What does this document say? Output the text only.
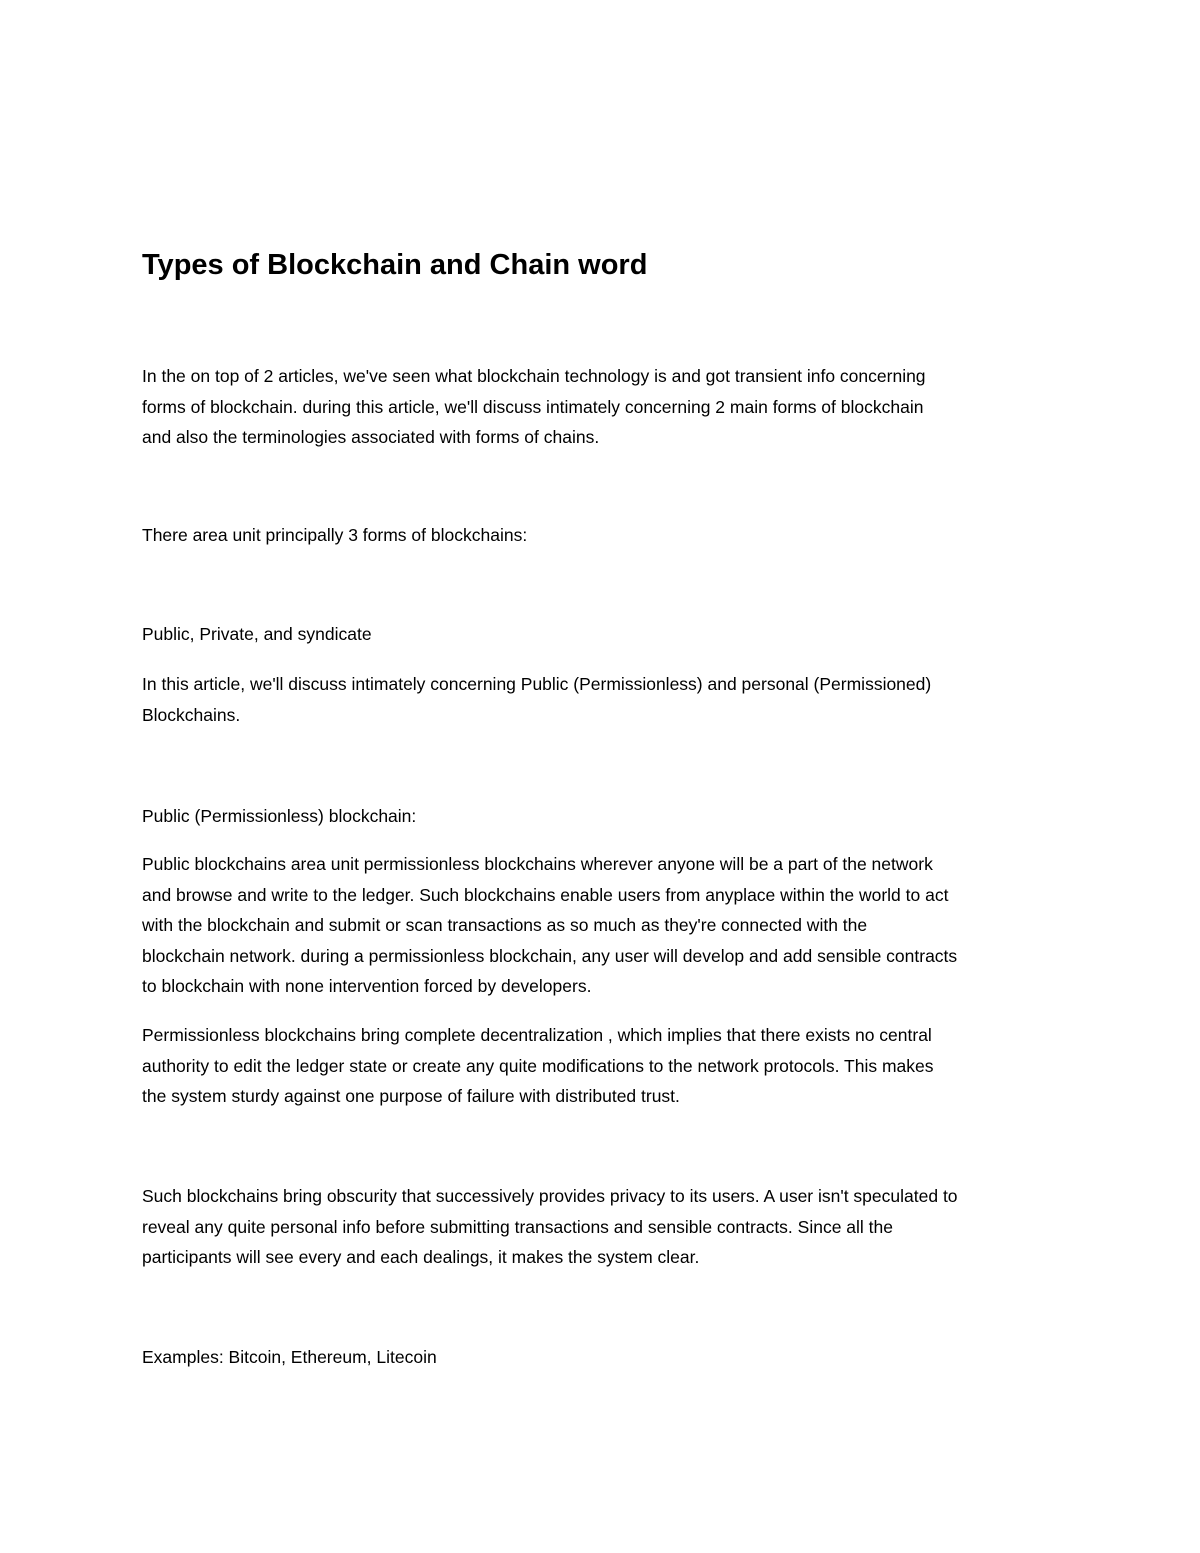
Types of Blockchain and Chain word

In the on top of 2 articles, we've seen what blockchain technology is and got transient info concerning
forms of blockchain. during this article, we'll discuss intimately concerning 2 main forms of blockchain
and also the terminologies associated with forms of chains.

There area unit principally 3 forms of blockchains:

Public, Private, and syndicate

In this article, we'll discuss intimately concerning Public (Permissionless) and personal (Permissioned)
Blockchains.

Public (Permissionless) blockchain:

Public blockchains area unit permissionless blockchains wherever anyone will be a part of the network
and browse and write to the ledger. Such blockchains enable users from anyplace within the world to act
with the blockchain and submit or scan transactions as so much as they're connected with the
blockchain network. during a permissionless blockchain, any user will develop and add sensible contracts
to blockchain with none intervention forced by developers.

Permissionless blockchains bring complete decentralization , which implies that there exists no central
authority to edit the ledger state or create any quite modifications to the network protocols. This makes
the system sturdy against one purpose of failure with distributed trust.

Such blockchains bring obscurity that successively provides privacy to its users. A user isn't speculated to
reveal any quite personal info before submitting transactions and sensible contracts. Since all the
participants will see every and each dealings, it makes the system clear.

Examples: Bitcoin, Ethereum, Litecoin
